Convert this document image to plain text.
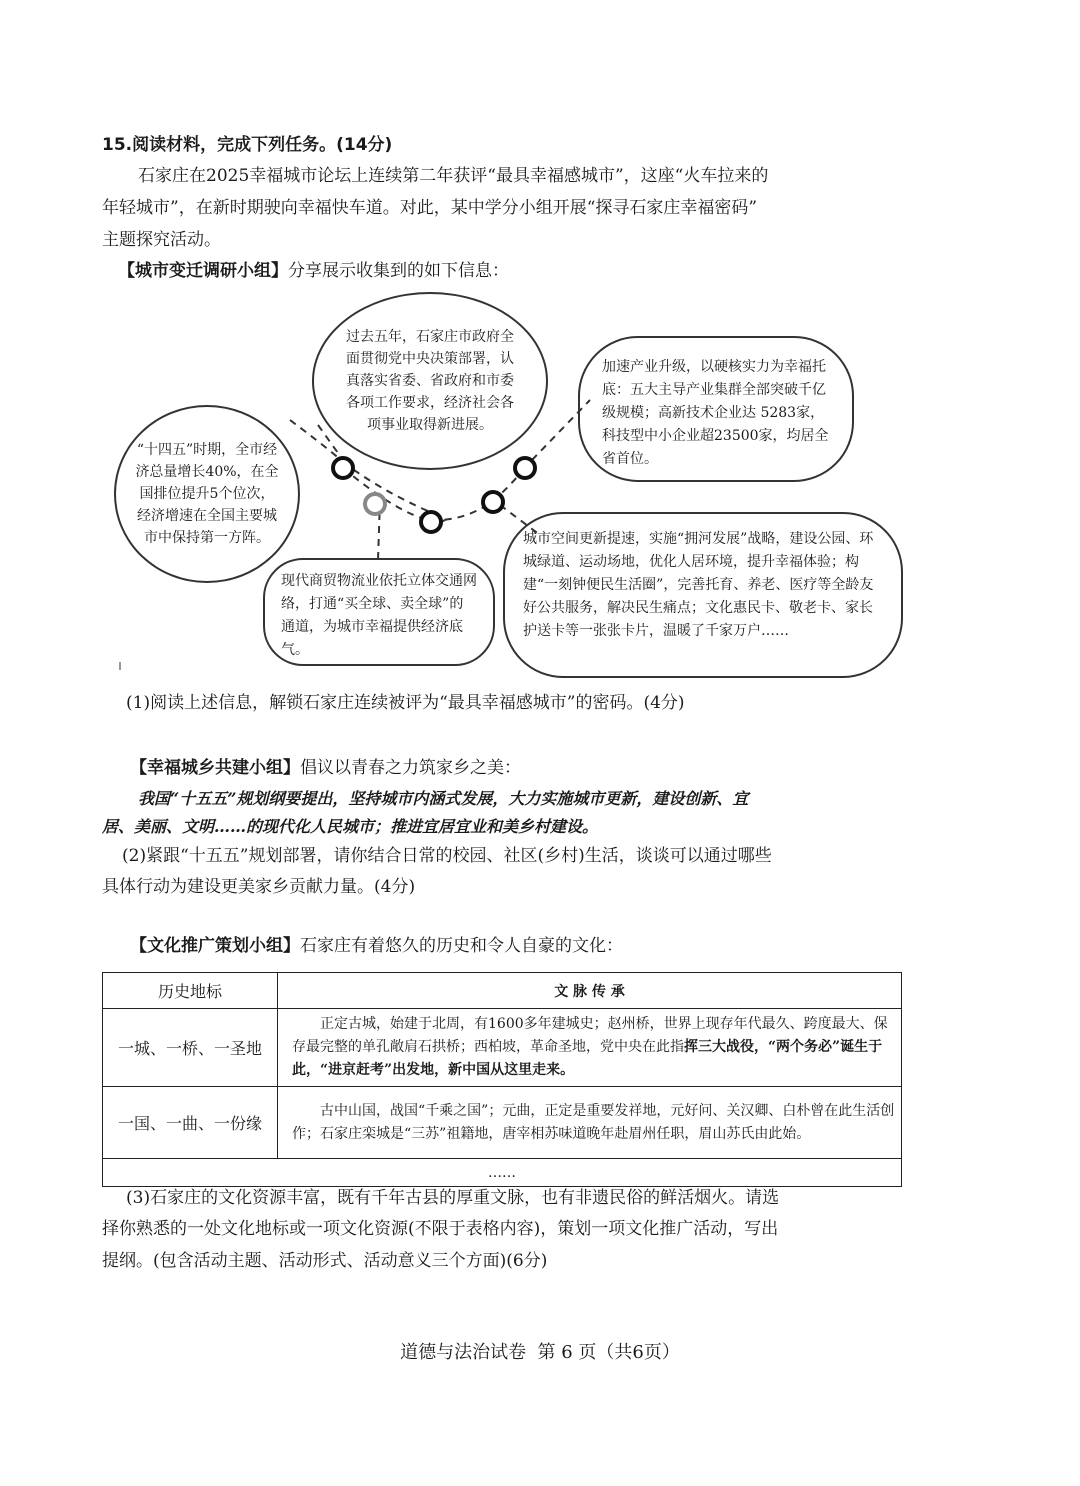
15.阅读材料，完成下列任务。(14分)
石家庄在2025幸福城市论坛上连续第二年获评“最具幸福感城市”，这座“火车拉来的
年轻城市”，在新时期驶向幸福快车道。对此，某中学分小组开展“探寻石家庄幸福密码”
主题探究活动。
【城市变迁调研小组】分享展示收集到的如下信息：
过去五年，石家庄市政府全面贯彻党中央决策部署，认真落实省委、省政府和市委各项工作要求，经济社会各项事业取得新进展。
“十四五”时期，全市经济总量增长40%，在全国排位提升5个位次，经济增速在全国主要城市中保持第一方阵。
加速产业升级，以硬核实力为幸福托底：五大主导产业集群全部突破千亿级规模；高新技术企业达 5283家，科技型中小企业超23500家，均居全省首位。
现代商贸物流业依托立体交通网络，打通“买全球、卖全球”的通道，为城市幸福提供经济底气。
城市空间更新提速，实施“拥河发展”战略，建设公园、环城绿道、运动场地，优化人居环境，提升幸福体验；构建“一刻钟便民生活圈”，完善托育、养老、医疗等全龄友好公共服务，解决民生痛点；文化惠民卡、敬老卡、家长护送卡等一张张卡片，温暖了千家万户……
(1)阅读上述信息，解锁石家庄连续被评为“最具幸福感城市”的密码。(4分)
【幸福城乡共建小组】倡议以青春之力筑家乡之美：
我国“十五五”规划纲要提出，坚持城市内涵式发展，大力实施城市更新，建设创新、宜
居、美丽、文明……的现代化人民城市；推进宜居宜业和美乡村建设。
(2)紧跟“十五五”规划部署，请你结合日常的校园、社区(乡村)生活，谈谈可以通过哪些
具体行动为建设更美家乡贡献力量。(4分)
【文化推广策划小组】石家庄有着悠久的历史和令人自豪的文化：
历史地标	文 脉 传 承
一城、一桥、一圣地	正定古城，始建于北周，有1600多年建城史；赵州桥，世界上现存年代最久、跨度最大、保存最完整的单孔敞肩石拱桥；西柏坡，革命圣地，党中央在此指挥三大战役，“两个务必”诞生于此，“进京赶考”出发地，新中国从这里走来。
一国、一曲、一份缘	古中山国，战国“千乘之国”；元曲，正定是重要发祥地，元好问、关汉卿、白朴曾在此生活创作；石家庄栾城是“三苏”祖籍地，唐宰相苏味道晚年赴眉州任职，眉山苏氏由此始。
……	
(3)石家庄的文化资源丰富，既有千年古县的厚重文脉，也有非遗民俗的鲜活烟火。请选
择你熟悉的一处文化地标或一项文化资源(不限于表格内容)，策划一项文化推广活动，写出
提纲。(包含活动主题、活动形式、活动意义三个方面)(6分)
道德与法治试卷  第 6 页（共6页）
